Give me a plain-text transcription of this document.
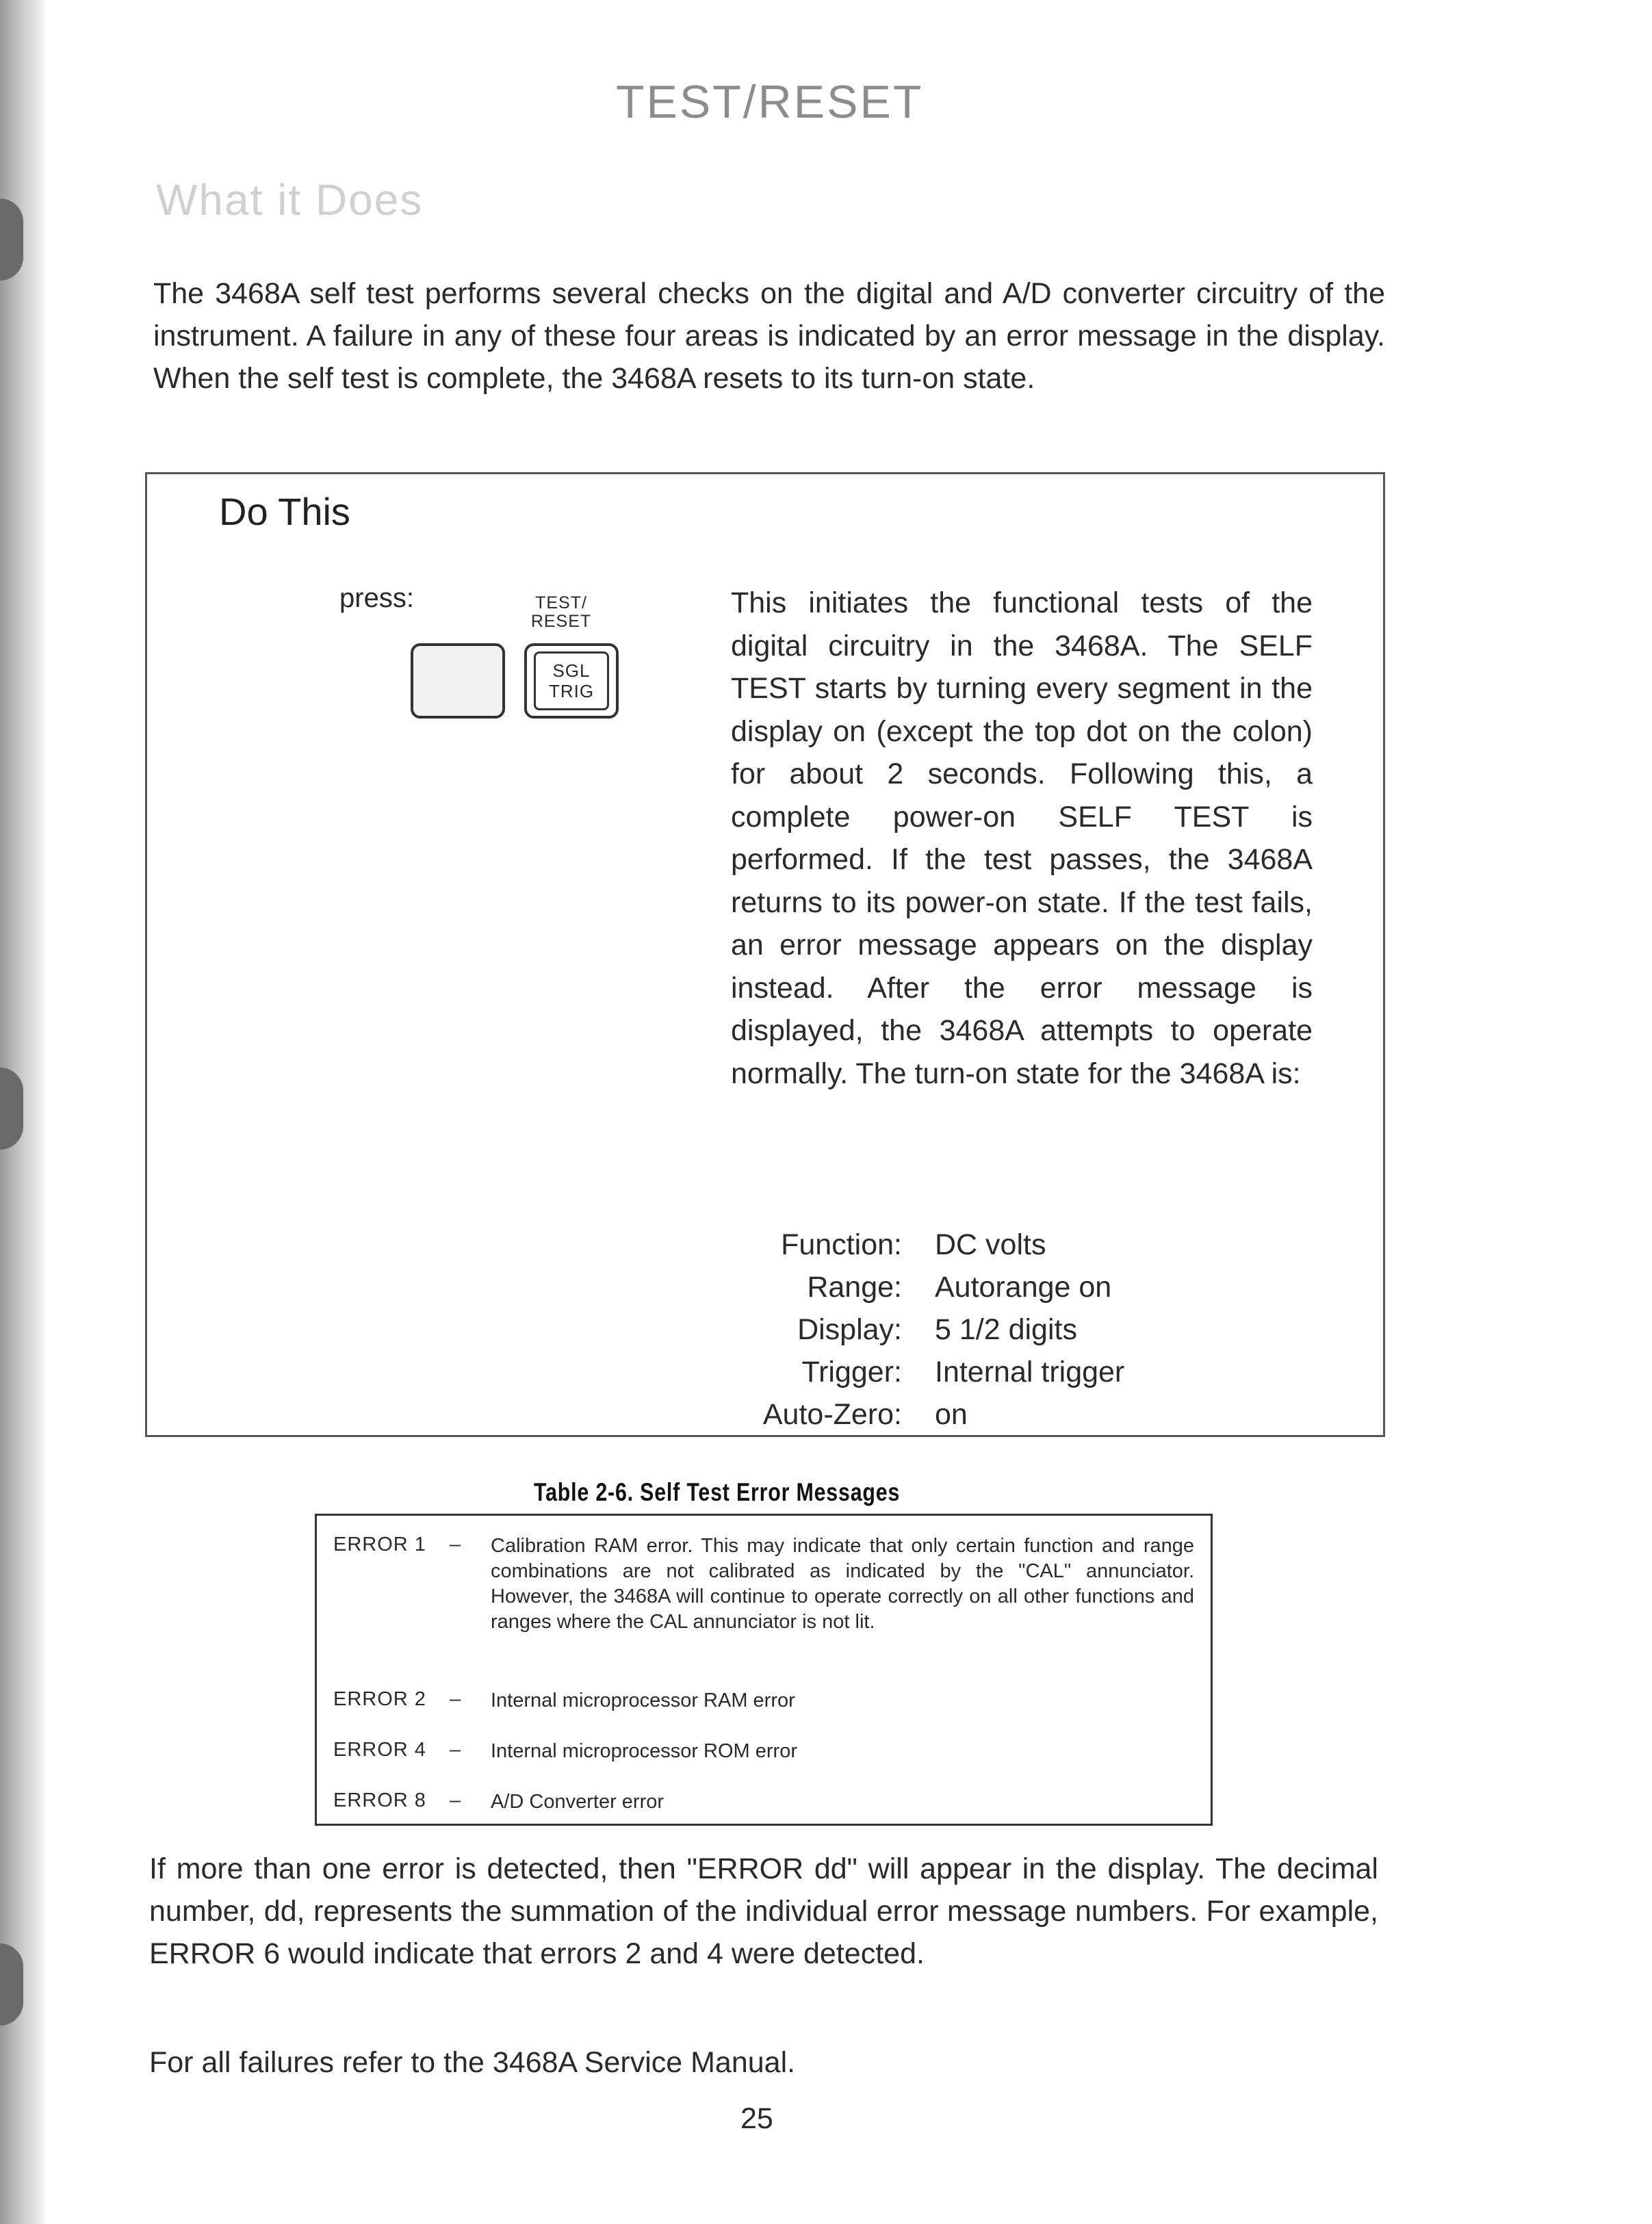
TEST/RESET
What it Does
The 3468A self test performs several checks on the digital and A/D converter circuitry of the instrument. A failure in any of these four areas is indicated by an error message in the display. When the self test is complete, the 3468A resets to its turn-on state.
Do This
press:	TEST/
RESET
SGL
TRIG
This initiates the functional tests of the digital circuitry in the 3468A. The SELF TEST starts by turning every segment in the display on (except the top dot on the colon) for about 2 seconds. Following this, a complete power-on SELF TEST is performed. If the test passes, the 3468A returns to its power-on state. If the test fails, an error message appears on the display instead. After the error message is displayed, the 3468A attempts to operate normally. The turn-on state for the 3468A is:
Function: DC volts
Range: Autorange on
Display: 5 1/2 digits
Trigger: Internal trigger
Auto-Zero: on
Table 2-6. Self Test Error Messages
ERROR 1	–	Calibration RAM error. This may indicate that only certain function and range combinations are not calibrated as indicated by the "CAL" annunciator. However, the 3468A will continue to operate correctly on all other functions and ranges where the CAL annunciator is not lit.
ERROR 2	–	Internal microprocessor RAM error
ERROR 4	–	Internal microprocessor ROM error
ERROR 8	–	A/D Converter error
If more than one error is detected, then "ERROR dd" will appear in the display. The decimal number, dd, represents the summation of the individual error message numbers. For example, ERROR 6 would indicate that errors 2 and 4 were detected.
For all failures refer to the 3468A Service Manual.
25
